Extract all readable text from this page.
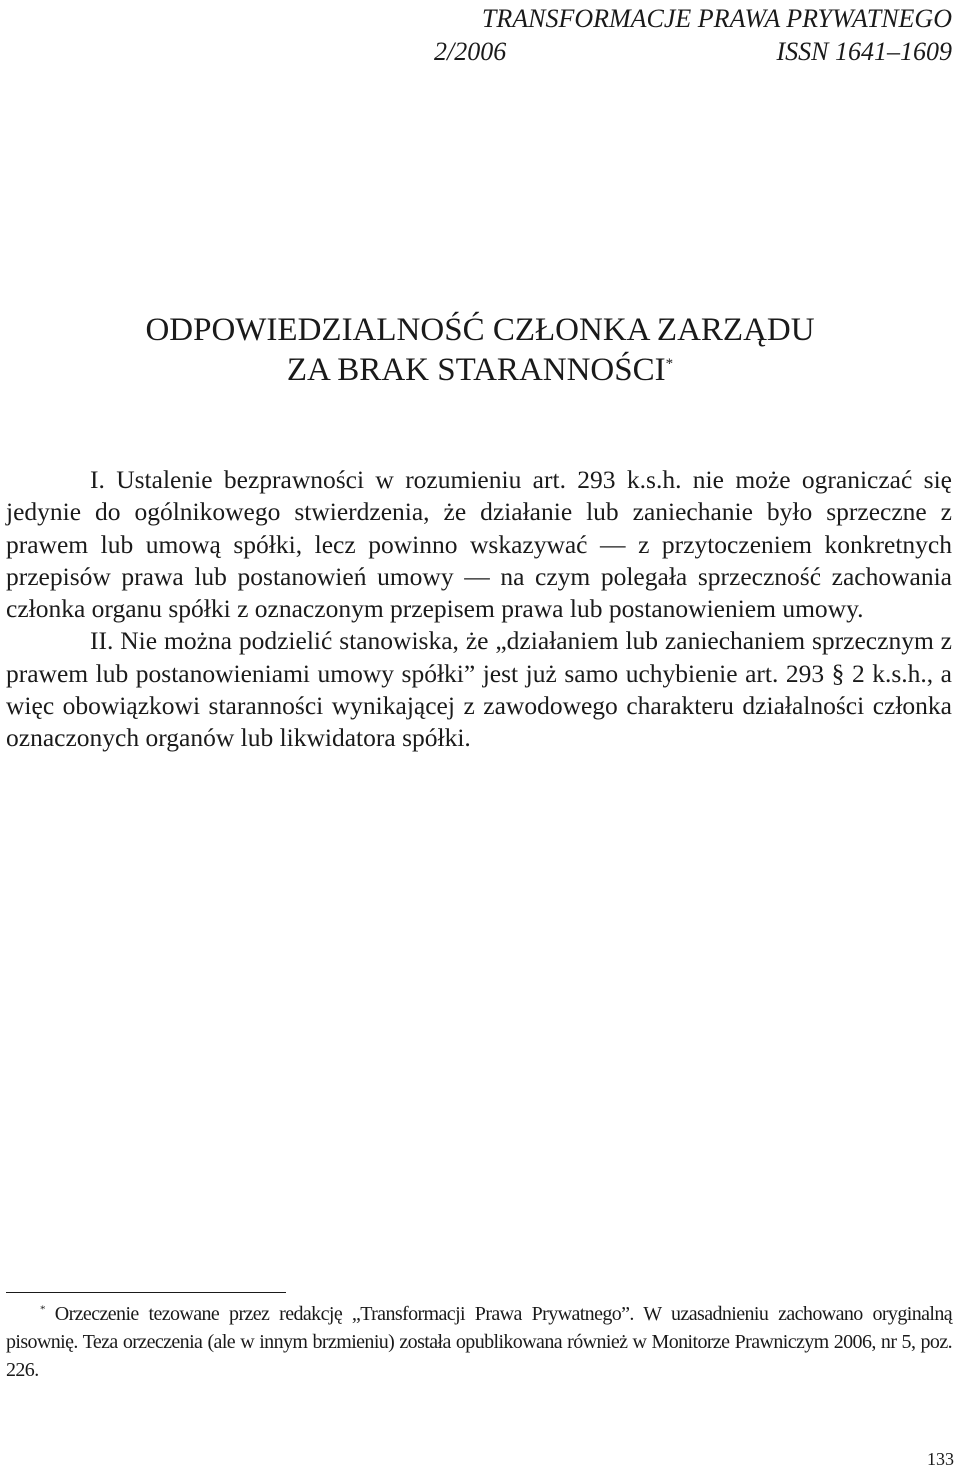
TRANSFORMACJE PRAWA PRYWATNEGO
2/2006	ISSN 1641–1609
ODPOWIEDZIALNOŚĆ CZŁONKA ZARZĄDU
ZA BRAK STARANNOŚCI*

I. Ustalenie bezprawności w rozumieniu art. 293 k.s.h. nie może ograniczać się jedynie do ogólnikowego stwierdzenia, że działanie lub zaniechanie było sprzeczne z prawem lub umową spółki, lecz powinno wskazywać — z przytoczeniem konkretnych przepisów prawa lub postanowień umowy — na czym polegała sprzeczność zachowania członka organu spółki z oznaczonym przepisem prawa lub postanowieniem umowy.

II. Nie można podzielić stanowiska, że „działaniem lub zaniechaniem sprzecznym z prawem lub postanowieniami umowy spółki” jest już samo uchybienie art. 293 § 2 k.s.h., a więc obowiązkowi staranności wynikającej z zawodowego charakteru działalności członka oznaczonych organów lub likwidatora spółki.

* Orzeczenie tezowane przez redakcję „Transformacji Prawa Prywatnego”. W uzasadnieniu zachowano oryginalną pisownię. Teza orzeczenia (ale w innym brzmieniu) została opublikowana również w Monitorze Prawniczym 2006, nr 5, poz. 226.

133
